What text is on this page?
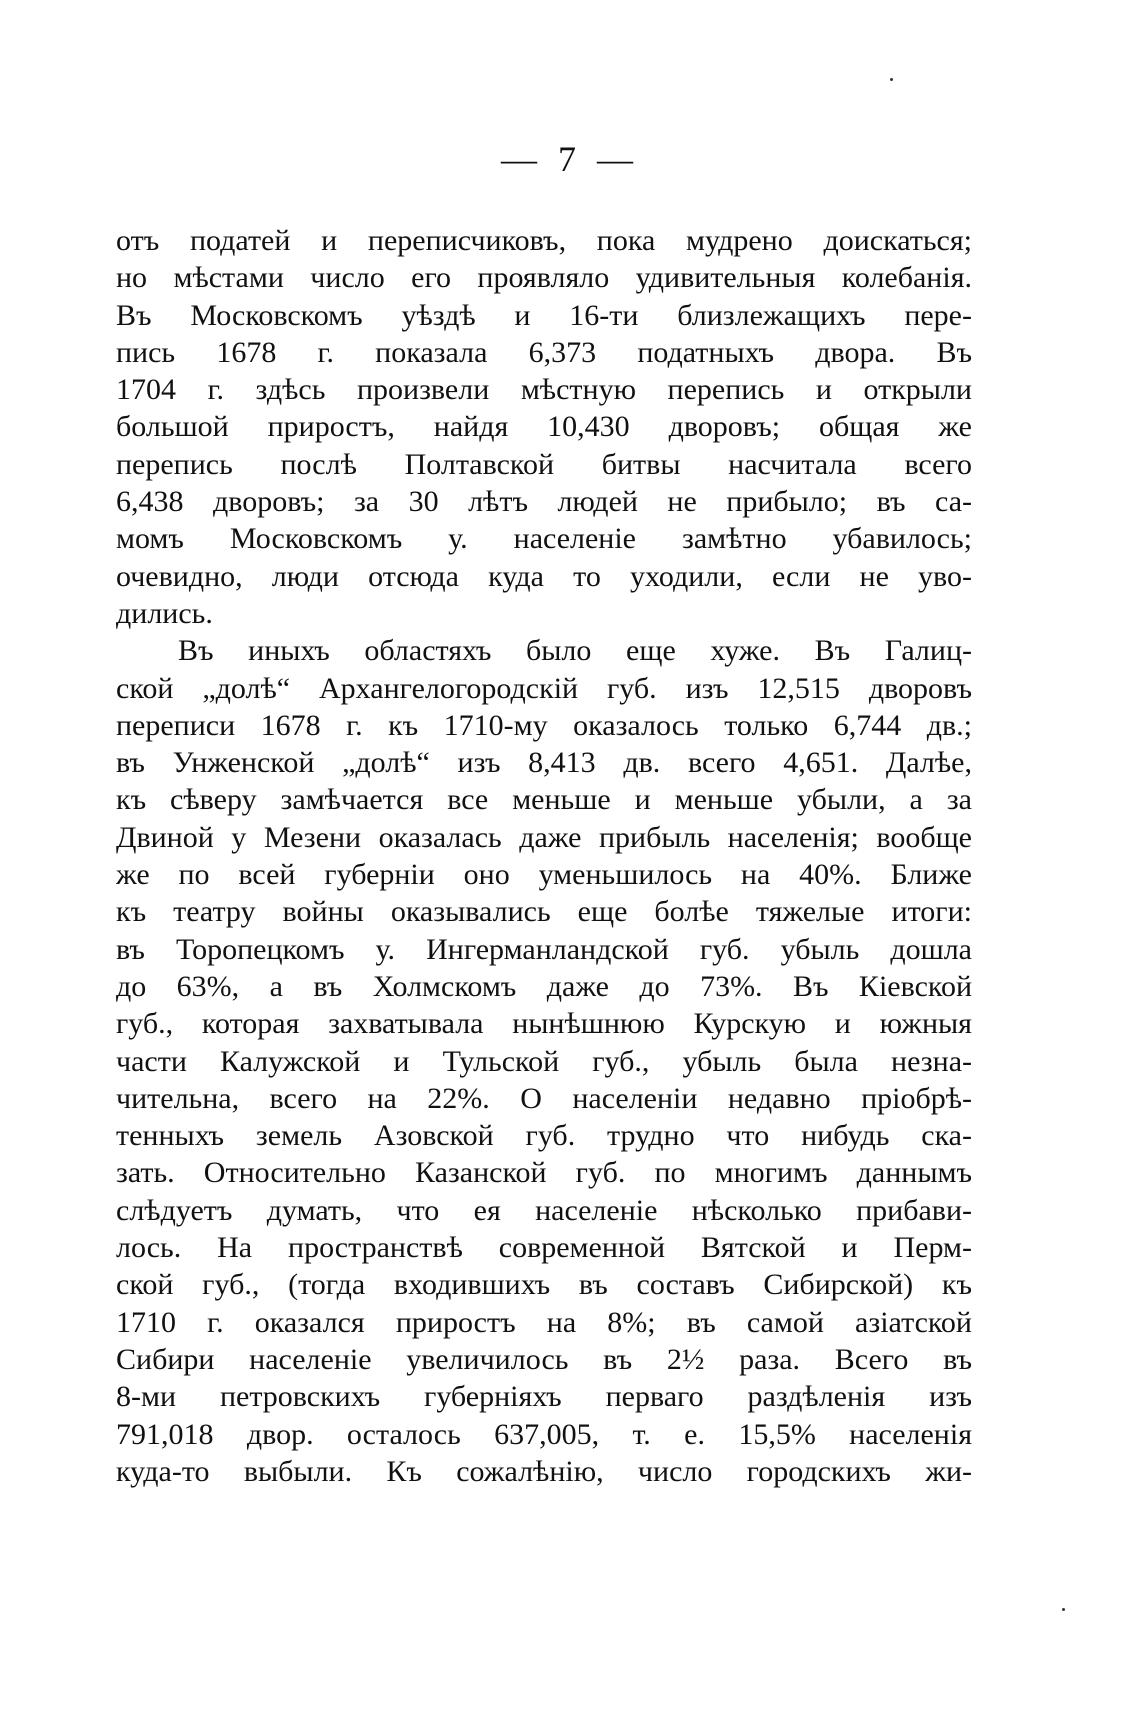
— 7 —
отъ податей и переписчиковъ, пока мудрено доискаться;
но мѣстами число его проявляло удивительныя колебанія.
Въ Московскомъ уѣздѣ и 16-ти близлежащихъ пере-
пись 1678 г. показала 6,373 податныхъ двора. Въ
1704 г. здѣсь произвели мѣстную перепись и открыли
большой приростъ, найдя 10,430 дворовъ; общая же
перепись послѣ Полтавской битвы насчитала всего
6,438 дворовъ; за 30 лѣтъ людей не прибыло; въ са-
момъ Московскомъ у. населеніе замѣтно убавилось;
очевидно, люди отсюда куда то уходили, если не уво-
дились.
Въ иныхъ областяхъ было еще хуже. Въ Галиц-
ской „долѣ“ Архангелогородскій губ. изъ 12,515 дворовъ
переписи 1678 г. къ 1710-му оказалось только 6,744 дв.;
въ Унженской „долѣ“ изъ 8,413 дв. всего 4,651. Далѣе,
къ сѣверу замѣчается все меньше и меньше убыли, а за
Двиной у Мезени оказалась даже прибыль населенія; вообще
же по всей губерніи оно уменьшилось на 40%. Ближе
къ театру войны оказывались еще болѣе тяжелые итоги:
въ Торопецкомъ у. Ингерманландской губ. убыль дошла
до 63%, а въ Холмскомъ даже до 73%. Въ Кіевской
губ., которая захватывала нынѣшнюю Курскую и южныя
части Калужской и Тульской губ., убыль была незна-
чительна, всего на 22%. О населеніи недавно пріобрѣ-
тенныхъ земель Азовской губ. трудно что нибудь ска-
зать. Относительно Казанской губ. по многимъ даннымъ
слѣдуетъ думать, что ея населеніе нѣсколько прибави-
лось. На пространствѣ современной Вятской и Перм-
ской губ., (тогда входившихъ въ составъ Сибирской) къ
1710 г. оказался приростъ на 8%; въ самой азіатской
Сибири населеніе увеличилось въ 2½ раза. Всего въ
8-ми петровскихъ губерніяхъ перваго раздѣленія изъ
791,018 двор. осталось 637,005, т. е. 15,5% населенія
куда-то выбыли. Къ сожалѣнію, число городскихъ жи-
